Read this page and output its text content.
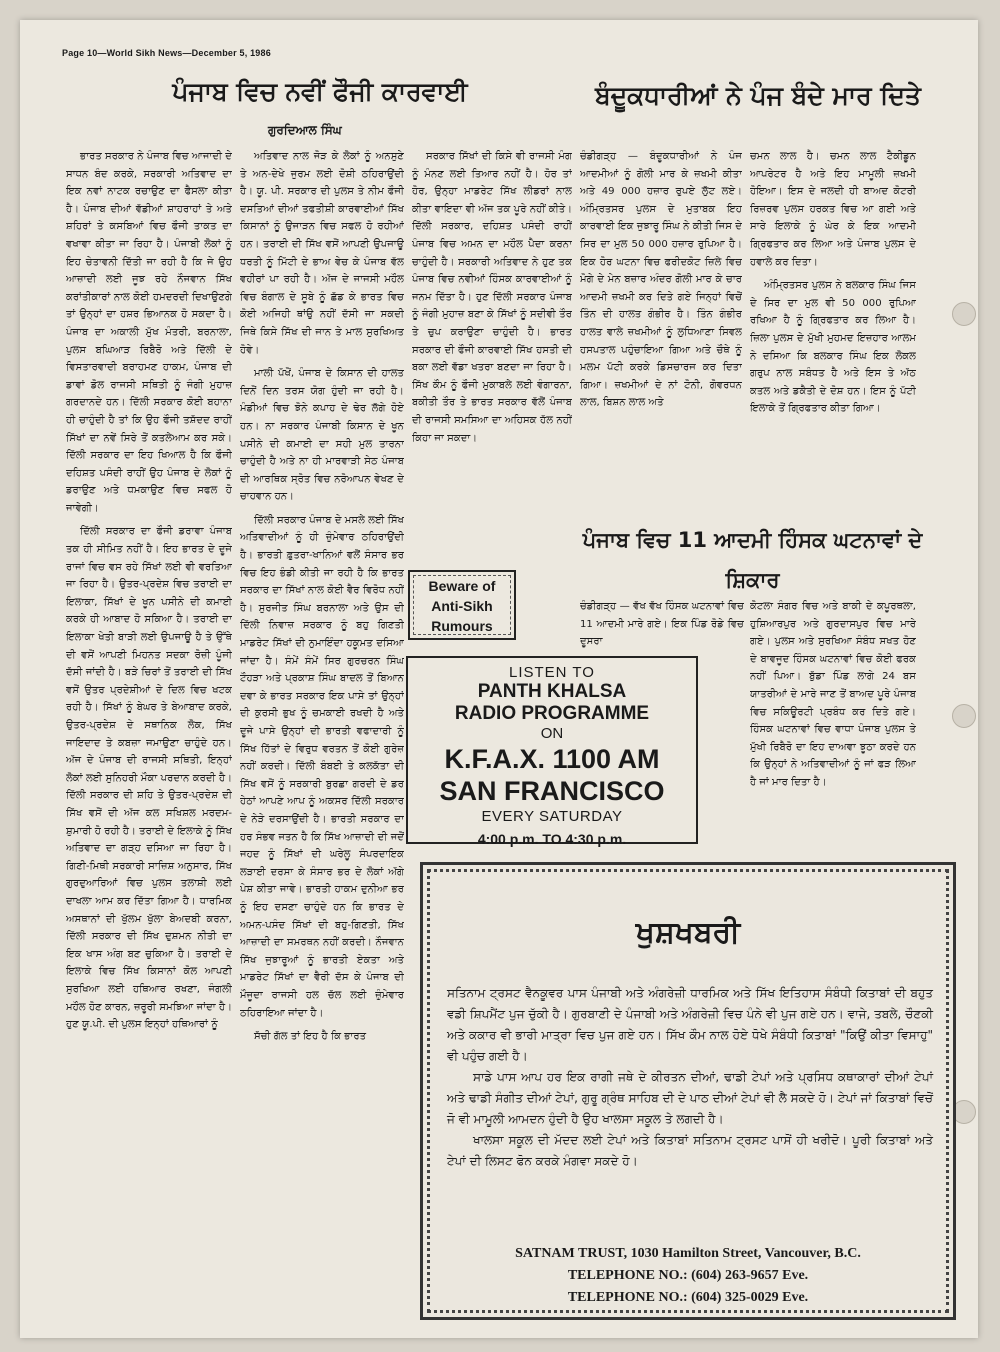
Page 10—World Sikh News—December 5, 1986
ਪੰਜਾਬ ਵਿਚ ਨਵੀਂ ਫੌਜੀ ਕਾਰਵਾਈ
ਗੁਰਦਿਆਲ ਸਿੰਘ

ਭਾਰਤ ਸਰਕਾਰ ਨੇ ਪੰਜਾਬ ਵਿਚ ਆਜਾਦੀ ਦੇ ਸਾਧਨ ਬੰਦ ਕਰਕੇ, ਸਰਕਾਰੀ ਅਤਿਵਾਦ ਦਾ ਇਕ ਨਵਾਂ ਨਾਟਕ ਰਚਾਉਣ ਦਾ ਫੈਸਲਾ ਕੀਤਾ ਹੈ। ਪੰਜਾਬ ਦੀਆਂ ਵੱਡੀਆਂ ਸ਼ਾਹਰਾਹਾਂ ਤੇ ਅਤੇ ਸ਼ਹਿਰਾਂ ਤੇ ਕਸਬਿਆਂ ਵਿਚ ਫੌਜੀ ਤਾਕਤ ਦਾ ਵਖਾਵਾ ਕੀਤਾ ਜਾ ਰਿਹਾ ਹੈ। ਪੰਜਾਬੀ ਲੋਕਾਂ ਨੂੰ ਇਹ ਚੇਤਾਵਨੀ ਦਿੱਤੀ ਜਾ ਰਹੀ ਹੈ ਕਿ ਜੇ ਉਹ ਆਜ਼ਾਦੀ ਲਈ ਜੂਝ ਰਹੇ ਨੌਜਵਾਨ ਸਿੱਖ ਕਰਾਂਤੀਕਾਰਾਂ ਨਾਲ ਕੋਈ ਹਮਦਰਦੀ ਦਿਖਾਉਣਗੇ ਤਾਂ ਉਨ੍ਹਾਂ ਦਾ ਹਸ਼ਰ ਭਿਆਨਕ ਹੋ ਸਕਦਾ ਹੈ। ਪੰਜਾਬ ਦਾ ਅਕਾਲੀ ਮੁੱਖ ਮੰਤਰੀ, ਬਰਨਾਲਾ, ਪੁਲਸ ਬਘਿਆੜ ਰਿਬੈਰੋ ਅਤੇ ਦਿੱਲੀ ਦੇ ਵਿਸਤਾਰਵਾਦੀ ਬਰਾਹਮਣ ਹਾਕਮ, ਪੰਜਾਬ ਦੀ ਡਾਵਾਂ ਡੋਲ ਰਾਜਸੀ ਸਥਿਤੀ ਨੂੰ ਜੰਗੀ ਮੁਹਾਜ਼ ਗਰਦਾਨਦੇ ਹਨ। ਦਿੱਲੀ ਸਰਕਾਰ ਕੋਈ ਬਹਾਨਾ ਹੀ ਚਾਹੁੰਦੀ ਹੈ ਤਾਂ ਕਿ ਉਹ ਫੌਜੀ ਤਸ਼ੱਦਦ ਰਾਹੀਂ ਸਿੱਖਾਂ ਦਾ ਨਵੇਂ ਸਿਰੇ ਤੋਂ ਕਤਲੇਆਮ ਕਰ ਸਕੇ। ਦਿੱਲੀ ਸਰਕਾਰ ਦਾ ਇਹ ਖਿਆਲ ਹੈ ਕਿ ਫੌਜੀ ਦਹਿਸ਼ਤ ਪਸੰਦੀ ਰਾਹੀਂ ਉਹ ਪੰਜਾਬ ਦੇ ਲੋਕਾਂ ਨੂੰ ਡਰਾਉਣ ਅਤੇ ਧਮਕਾਉਣ ਵਿਚ ਸਫਲ ਹੋ ਜਾਵੇਗੀ।

ਦਿੱਲੀ ਸਰਕਾਰ ਦਾ ਫੌਜੀ ਡਰਾਵਾ ਪੰਜਾਬ ਤਕ ਹੀ ਸੀਮਿਤ ਨਹੀਂ ਹੈ। ਇਹ ਭਾਰਤ ਦੇ ਦੂਜੇ ਰਾਜਾਂ ਵਿਚ ਵਸ ਰਹੇ ਸਿੱਖਾਂ ਲਈ ਵੀ ਵਰਤਿਆ ਜਾ ਰਿਹਾ ਹੈ। ਉਤਰ-ਪ੍ਰਦੇਸ਼ ਵਿਚ ਤਰਾਈ ਦਾ ਇਲਾਕਾ, ਸਿੱਖਾਂ ਦੇ ਖੂਨ ਪਸੀਨੇ ਦੀ ਕਮਾਈ ਕਰਕੇ ਹੀ ਆਬਾਦ ਹੋ ਸਕਿਆ ਹੈ। ਤਰਾਈ ਦਾ ਇਲਾਕਾ ਖੇਤੀ ਬਾੜੀ ਲਈ ਉਪਜਾਊ ਹੈ ਤੇ ਉੱਥੇ ਦੀ ਵਸੋਂ ਆਪਣੀ ਮਿਹਨਤ ਸਦਕਾ ਰੋਜ਼ੀ ਪੂੰਜੀ ਦੱਸੀ ਜਾਂਦੀ ਹੈ। ਬੜੇ ਚਿਰਾਂ ਤੋਂ ਤਰਾਈ ਦੀ ਸਿੱਖ ਵਸੋਂ ਉਤਰ ਪ੍ਰਦੇਸ਼ੀਆਂ ਦੇ ਦਿਲ ਵਿਚ ਖਟਕ ਰਹੀ ਹੈ। ਸਿੱਖਾਂ ਨੂੰ ਬੇਘਰ ਤੇ ਬੇਆਬਾਦ ਕਰਕੇ, ਉਤਰ-ਪ੍ਰਦੇਸ਼ ਦੇ ਸਥਾਨਿਕ ਲੋਕ, ਸਿੱਖ ਜਾਇਦਾਦ ਤੇ ਕਬਜ਼ਾ ਜਮਾਉਣਾ ਚਾਹੁੰਦੇ ਹਨ। ਅੱਜ ਦੇ ਪੰਜਾਬ ਦੀ ਰਾਜਸੀ ਸਥਿਤੀ, ਇਨ੍ਹਾਂ ਲੋਕਾਂ ਲਈ ਸੁਨਿਹਰੀ ਮੌਕਾ ਪਰਦਾਨ ਕਰਦੀ ਹੈ। ਦਿੱਲੀ ਸਰਕਾਰ ਦੀ ਸ਼ਹਿ ਤੇ ਉਤਰ-ਪ੍ਰਦੇਸ਼ ਦੀ ਸਿੱਖ ਵਸੋਂ ਦੀ ਅੱਜ ਕਲ ਸਖਿਸ਼ਲ ਮਰਦਮ-ਸ਼ੁਮਾਰੀ ਹੋ ਰਹੀ ਹੈ। ਤਰਾਈ ਦੇ ਇਲਾਕੇ ਨੂੰ ਸਿੱਖ ਅਤਿਵਾਦ ਦਾ ਗੜ੍ਹ ਦਸਿਆ ਜਾ ਰਿਹਾ ਹੈ। ਗਿਣੀ-ਮਿਥੀ ਸਰਕਾਰੀ ਸਾਜ਼ਿਸ਼ ਅਨੁਸਾਰ, ਸਿੱਖ ਗੁਰਦੁਆਰਿਆਂ ਵਿਚ ਪੁਲਸ ਤਲਾਸ਼ੀ ਲਈ ਦਾਖਲਾ ਆਮ ਕਰ ਦਿੱਤਾ ਗਿਆ ਹੈ। ਧਾਰਮਿਕ ਅਸਥਾਨਾਂ ਦੀ ਖੁੱਲਮ ਖੁੱਲਾ ਬੇਅਦਬੀ ਕਰਨਾ, ਦਿੱਲੀ ਸਰਕਾਰ ਦੀ ਸਿੱਖ ਦੁਸ਼ਮਨ ਨੀਤੀ ਦਾ ਇਕ ਖਾਸ ਅੰਗ ਬਣ ਚੁਕਿਆ ਹੈ। ਤਰਾਈ ਦੇ ਇਲਾਕੇ ਵਿਚ ਸਿੱਖ ਕਿਸਾਨਾਂ ਕੋਲ ਆਪਣੀ ਸੁਰਖਿਆ ਲਈ ਹਥਿਆਰ ਰਖਣਾ, ਜੰਗਲੀ ਮਹੌਲ ਹੋਣ ਕਾਰਨ, ਜ਼ਰੂਰੀ ਸਮਝਿਆ ਜਾਂਦਾ ਹੈ। ਹੁਣ ਯੂ.ਪੀ. ਦੀ ਪੁਲਸ ਇਨ੍ਹਾਂ ਹਥਿਆਰਾਂ ਨੂੰ

ਅਤਿਵਾਦ ਨਾਲ ਜੋੜ ਕੇ ਲੋਕਾਂ ਨੂੰ ਅਨਸੁਣੇ ਤੇ ਅਨ-ਦੇਖੇ ਜੁਰਮ ਲਈ ਦੋਸ਼ੀ ਠਹਿਰਾਉਂਦੀ ਹੈ। ਯੂ. ਪੀ. ਸਰਕਾਰ ਦੀ ਪੁਲਸ ਤੇ ਨੀਮ ਫੌਜੀ ਦਸਤਿਆਂ ਦੀਆਂ ਤਫਤੀਸ਼ੀ ਕਾਰਵਾਈਆਂ ਸਿੱਖ ਕਿਸਾਨਾਂ ਨੂੰ ਉਜਾੜਨ ਵਿਚ ਸਫਲ ਹੋ ਰਹੀਆਂ ਹਨ। ਤਰਾਈ ਦੀ ਸਿੱਖ ਵਸੋਂ ਆਪਣੀ ਉਪਜਾਊ ਧਰਤੀ ਨੂੰ ਮਿੱਟੀ ਦੇ ਭਾਅ ਵੇਚ ਕੇ ਪੰਜਾਬ ਵੱਲ ਵਹੀਰਾਂ ਪਾ ਰਹੀ ਹੈ। ਅੱਜ ਦੇ ਜਾਜਸੀ ਮਹੌਲ ਵਿਚ ਬੰਗਾਲ ਦੇ ਸੂਬੇ ਨੂੰ ਛੱਡ ਕੇ ਭਾਰਤ ਵਿਚ ਕੋਈ ਅਜਿਹੀ ਥਾਂਉ ਨਹੀਂ ਦੱਸੀ ਜਾ ਸਕਦੀ ਜਿਥੇ ਕਿਸੇ ਸਿੱਖ ਦੀ ਜਾਨ ਤੇ ਮਾਲ ਸੁਰਖਿਅਤ ਹੋਵੇ।

ਮਾਲੀ ਪੱਖੋਂ, ਪੰਜਾਬ ਦੇ ਕਿਸਾਨ ਦੀ ਹਾਲਤ ਦਿਨੋਂ ਦਿਨ ਤਰਸ ਯੋਗ ਹੁੰਦੀ ਜਾ ਰਹੀ ਹੈ। ਮੰਡੀਆਂ ਵਿਚ ਝੋਨੇ ਕਪਾਹ ਦੇ ਢੇਰ ਲੱਗੇ ਹੋਏ ਹਨ। ਨਾ ਸਰਕਾਰ ਪੰਜਾਬੀ ਕਿਸਾਨ ਦੇ ਖੂਨ ਪਸੀਨੇ ਦੀ ਕਮਾਈ ਦਾ ਸਹੀ ਮੁਲ ਤਾਰਨਾ ਚਾਹੁੰਦੀ ਹੈ ਅਤੇ ਨਾ ਹੀ ਮਾਰਵਾੜੀ ਸੇਠ ਪੰਜਾਬ ਦੀ ਆਰਥਿਕ ਸ੍ਰੋਤ ਵਿਚ ਨਰੋਆਪਨ ਵੇਖਣ ਦੇ ਚਾਹਵਾਨ ਹਨ।

ਦਿੱਲੀ ਸਰਕਾਰ ਪੰਜਾਬ ਦੇ ਮਸਲੇ ਲਈ ਸਿੱਖ ਅਤਿਵਾਦੀਆਂ ਨੂੰ ਹੀ ਜ਼ੁੰਮੇਵਾਰ ਠਹਿਰਾਉਂਦੀ ਹੈ। ਭਾਰਤੀ ਫ਼ੁਤਰਾ-ਖਾਨਿਆਂ ਵਲੋਂ ਸੰਸਾਰ ਭਰ ਵਿਚ ਇਹ ਭੰਡੀ ਕੀਤੀ ਜਾ ਰਹੀ ਹੈ ਕਿ ਭਾਰਤ ਸਰਕਾਰ ਦਾ ਸਿੱਖਾਂ ਨਾਲ ਕੋਈ ਵੈਰ ਵਿਰੋਧ ਨਹੀਂ ਹੈ। ਸੁਰਜੀਤ ਸਿੰਘ ਬਰਨਾਲਾ ਅਤੇ ਉਸ ਦੀ ਦਿੱਲੀ ਨਿਵਾਜ਼ ਸਰਕਾਰ ਨੂੰ ਬਹੁ ਗਿਣਤੀ ਮਾਡਰੇਟ ਸਿੱਖਾਂ ਦੀ ਨੁਮਾਇੰਦਾ ਹਕੂਮਤ ਦਸਿਆ ਜਾਂਦਾ ਹੈ। ਸੰਮੇਂ ਸੰਮੇਂ ਸਿਰ ਗੁਰਚਰਨ ਸਿੰਘ ਟੌਹੜਾ ਅਤੇ ਪ੍ਰਕਾਸ਼ ਸਿੰਘ ਬਾਦਲ ਤੋਂ ਬਿਆਨ ਦਵਾ ਕੇ ਭਾਰਤ ਸਰਕਾਰ ਇਕ ਪਾਸੇ ਤਾਂ ਉਨ੍ਹਾਂ ਦੀ ਕੁਰਸੀ ਭੁਖ ਨੂੰ ਚਮਕਾਈ ਰਖਦੀ ਹੈ ਅਤੇ ਦੂਜੇ ਪਾਸੇ ਉਨ੍ਹਾਂ ਦੀ ਭਾਰਤੀ ਵਫਾਦਾਰੀ ਨੂੰ ਸਿੱਖ ਹਿੱਤਾਂ ਦੇ ਵਿਰੁਧ ਵਰਤਨ ਤੋਂ ਕੋਈ ਗੁਰੇਜ਼ ਨਹੀਂ ਕਰਦੀ। ਦਿੱਲੀ ਬੰਬਈ ਤੇ ਕਲਕੱਤਾ ਦੀ ਸਿੱਖ ਵਸੋਂ ਨੂੰ ਸਰਕਾਰੀ ਬੁਰਛਾ ਗਰਦੀ ਦੇ ਡਰ ਹੇਠਾਂ ਆਪਣੇ ਆਪ ਨੂੰ ਅਕਸਰ ਦਿੱਲੀ ਸਰਕਾਰ ਦੇ ਨੇੜੇ ਦਰਸਾਉਂਦੀ ਹੈ। ਭਾਰਤੀ ਸਰਕਾਰ ਦਾ ਹਰ ਸੰਭਵ ਜਤਨ ਹੈ ਕਿ ਸਿੱਖ ਆਜ਼ਾਦੀ ਦੀ ਜਦੋਂ ਜਹਦ ਨੂੰ ਸਿੱਖਾਂ ਦੀ ਘਰੇਲੂ ਸੰਪਰਦਾਇਕ ਲੜਾਈ ਦਰਸਾ ਕੇ ਸੰਸਾਰ ਭਰ ਦੇ ਲੋਕਾਂ ਅੱਗੇ ਪੇਸ਼ ਕੀਤਾ ਜਾਵੇ। ਭਾਰਤੀ ਹਾਕਮ ਦੁਨੀਆ ਭਰ ਨੂੰ ਇਹ ਦਸਣਾ ਚਾਹੁੰਦੇ ਹਨ ਕਿ ਭਾਰਤ ਦੇ ਅਮਨ-ਪਸੰਦ ਸਿੱਖਾਂ ਦੀ ਬਹੁ-ਗਿਣਤੀ, ਸਿੱਖ ਆਜ਼ਾਦੀ ਦਾ ਸਮਰਥਨ ਨਹੀਂ ਕਰਦੀ। ਨੌਜਵਾਨ ਸਿੱਖ ਜੁਝਾਰੂਆਂ ਨੂੰ ਭਾਰਤੀ ਏਕਤਾ ਅਤੇ ਮਾਡਰੇਟ ਸਿੱਖਾਂ ਦਾ ਵੈਰੀ ਦੱਸ ਕੇ ਪੰਜਾਬ ਦੀ ਮੌਜੂਦਾ ਰਾਜਸੀ ਹਲ ਚੱਲ ਲਈ ਜ਼ੁੰਮੇਵਾਰ ਠਹਿਰਾਇਆ ਜਾਂਦਾ ਹੈ।

ਸੱਚੀ ਗੱਲ ਤਾਂ ਇਹ ਹੈ ਕਿ ਭਾਰਤ

ਸਰਕਾਰ ਸਿੱਖਾਂ ਦੀ ਕਿਸੇ ਵੀ ਰਾਜਸੀ ਮੰਗ ਨੂੰ ਮੰਨਣ ਲਈ ਤਿਆਰ ਨਹੀਂ ਹੈ। ਹੋਰ ਤਾਂ ਹੋਰ, ਉਨ੍ਹਾ ਮਾਡਰੇਟ ਸਿੱਖ ਲੀਡਰਾਂ ਨਾਲ ਕੀਤਾ ਵਾਇਦਾ ਵੀ ਅੱਜ ਤਕ ਪੂਰੇ ਨਹੀਂ ਕੀਤੇ। ਦਿੱਲੀ ਸਰਕਾਰ, ਦਹਿਸ਼ਤ ਪਸੰਦੀ ਰਾਹੀਂ ਪੰਜਾਬ ਵਿਚ ਅਮਨ ਦਾ ਮਹੌਲ ਪੈਦਾ ਕਰਨਾ ਚਾਹੁੰਦੀ ਹੈ। ਸਰਕਾਰੀ ਅਤਿਵਾਦ ਨੇ ਹੁਣ ਤਕ ਪੰਜਾਬ ਵਿਚ ਨਵੀਆਂ ਹਿੰਸਕ ਕਾਰਵਾਈਆਂ ਨੂੰ ਜਨਮ ਦਿੱਤਾ ਹੈ। ਹੁਣ ਦਿੱਲੀ ਸਰਕਾਰ ਪੰਜਾਬ ਨੂੰ ਜੰਗੀ ਮੁਹਾਜ਼ ਬਣਾ ਕੇ ਸਿੱਖਾਂ ਨੂੰ ਸਦੀਵੀ ਤੌਰ ਤੇ ਚੁਪ ਕਰਾਉਣਾ ਚਾਹੁੰਦੀ ਹੈ। ਭਾਰਤ ਸਰਕਾਰ ਦੀ ਫੌਜੀ ਕਾਰਵਾਈ ਸਿੱਖ ਹਸਤੀ ਦੀ ਬਕਾ ਲਈ ਵੱਡਾ ਖਤਰਾ ਬਣਦਾ ਜਾ ਰਿਹਾ ਹੈ। ਸਿੱਖ ਕੌਮ ਨੂੰ ਫੌਜੀ ਮੁਕਾਬਲੇ ਲਈ ਵੰਗਾਰਨਾ, ਬਕੀਤੀ ਤੌਰ ਤੇ ਭਾਰਤ ਸਰਕਾਰ ਵੱਲੋਂ ਪੰਜਾਬ ਦੀ ਰਾਜਸੀ ਸਮਸਿਆ ਦਾ ਅਹਿਸਕ ਹੱਲ ਨਹੀਂ ਕਿਹਾ ਜਾ ਸਕਦਾ।

ਬੰਦੂਕਧਾਰੀਆਂ ਨੇ ਪੰਜ ਬੰਦੇ ਮਾਰ ਦਿਤੇ

ਚੰਡੀਗੜ੍ਹ — ਬੰਦੂਕਧਾਰੀਆਂ ਨੇ ਪੰਜ ਆਦਮੀਆਂ ਨੂੰ ਗੋਲੀ ਮਾਰ ਕੇ ਜ਼ਖਮੀ ਕੀਤਾ ਅਤੇ 49 000 ਹਜ਼ਾਰ ਰੁਪਏ ਲੁੱਟ ਲਏ। ਅੰਮ੍ਰਿਤਸਰ ਪੁਲਸ ਦੇ ਮੁਤਾਬਕ ਇਹ ਕਾਰਵਾਈ ਇਕ ਜੁਝਾਰੂ ਸਿੰਘ ਨੇ ਕੀਤੀ ਜਿਸ ਦੇ ਸਿਰ ਦਾ ਮੁਲ 50 000 ਹਜ਼ਾਰ ਰੁਪਿਆ ਹੈ। ਇਕ ਹੋਰ ਘਟਨਾ ਵਿਚ ਫਰੀਦਕੋਟ ਜ਼ਿਲੇ ਵਿਚ ਮੋਗੇ ਦੇ ਮੇਨ ਬਜ਼ਾਰ ਅੰਦਰ ਗੋਲੀ ਮਾਰ ਕੇ ਚਾਰ ਆਦਮੀ ਜ਼ਖਮੀ ਕਰ ਦਿਤੇ ਗਏ ਜਿਨ੍ਹਾਂ ਵਿਚੋਂ ਤਿੰਨ ਦੀ ਹਾਲਤ ਗੰਭੀਰ ਹੈ। ਤਿੰਨ ਗੰਭੀਰ ਹਾਲਤ ਵਾਲੇ ਜ਼ਖਮੀਆਂ ਨੂੰ ਲੁਧਿਆਣਾ ਸਿਵਲ ਹਸਪਤਾਲ ਪਹੁੰਚਾਇਆ ਗਿਆ ਅਤੇ ਚੌਥੇ ਨੂੰ ਮਲਮ ਪੱਟੀ ਕਰਕੇ ਡਿਸਚਾਰਜ ਕਰ ਦਿਤਾ ਗਿਆ। ਜ਼ਖਮੀਆਂ ਦੇ ਨਾਂ ਟੋਨੀ, ਗੋਵਰਧਨ ਲਾਲ, ਬਿਸ਼ਨ ਲਾਲ ਅਤੇ

ਚਮਨ ਲਾਲ ਹੈ। ਚਮਨ ਲਾਲ ਟੈਕੀਡੂਨ ਆਪਰੇਟਰ ਹੈ ਅਤੇ ਇਹ ਮਾਮੂਲੀ ਜ਼ਖਮੀ ਹੋਇਆ। ਇਸ ਦੇ ਜਲਦੀ ਹੀ ਬਾਅਦ ਕੋਟਰੀ ਰਿਜ਼ਰਵ ਪੁਲਸ ਹਰਕਤ ਵਿਚ ਆ ਗਈ ਅਤੇ ਸਾਰੇ ਇਲਾਕੇ ਨੂੰ ਘੇਰ ਕੇ ਇਕ ਆਦਮੀ ਗ੍ਰਿਫਤਾਰ ਕਰ ਲਿਆ ਅਤੇ ਪੰਜਾਬ ਪੁਲਸ ਦੇ ਹਵਾਲੇ ਕਰ ਦਿਤਾ।

ਅੰਮ੍ਰਿਤਸਰ ਪੁਲਸ ਨੇ ਬਲਕਾਰ ਸਿੰਘ ਜਿਸ ਦੇ ਸਿਰ ਦਾ ਮੁਲ ਵੀ 50 000 ਰੁਪਿਆ ਰਖਿਆ ਹੈ ਨੂੰ ਗ੍ਰਿਫਤਾਰ ਕਰ ਲਿਆ ਹੈ। ਜ਼ਿਲਾ ਪੁਲਸ ਦੇ ਮੁੱਖੀ ਮੁਹਮਦ ਇਜ਼ਹਾਰ ਆਲਮ ਨੇ ਦਸਿਆ ਕਿ ਬਲਕਾਰ ਸਿੰਘ ਇਕ ਲੋਕਲ ਗਰੁਪ ਨਾਲ ਸਬੰਧਤ ਹੈ ਅਤੇ ਇਸ ਤੇ ਅੱਠ ਕਤਲ ਅਤੇ ਡਕੈਤੀ ਦੇ ਦੋਸ਼ ਹਨ। ਇਸ ਨੂੰ ਪੱਟੀ ਇਲਾਕੇ ਤੋਂ ਗ੍ਰਿਫਤਾਰ ਕੀਤਾ ਗਿਆ।

ਪੰਜਾਬ ਵਿਚ 11 ਆਦਮੀ ਹਿੰਸਕ ਘਟਨਾਵਾਂ ਦੇ ਸ਼ਿਕਾਰ

ਚੰਡੀਗੜ੍ਹ — ਵੱਖ ਵੱਖ ਹਿੰਸਕ ਘਟਨਾਵਾਂ ਵਿਚ 11 ਆਦਮੀ ਮਾਰੇ ਗਏ। ਇਕ ਪਿੰਡ ਰੋਡੇ ਵਿਚ ਦੂਸਰਾ

ਕੋਟਲਾ ਸੰਗਰ ਵਿਚ ਅਤੇ ਬਾਕੀ ਦੇ ਕਪੂਰਥਲਾ, ਹੁਸ਼ਿਆਰਪੁਰ ਅਤੇ ਗੁਰਦਾਸਪੁਰ ਵਿਚ ਮਾਰੇ ਗਏ। ਪੁਲਸ ਅਤੇ ਸੁਰਖਿਆ ਸੰਬੰਧ ਸਖਤ ਹੋਣ ਦੇ ਬਾਵਜੂਦ ਹਿੰਸਕ ਘਟਨਾਵਾਂ ਵਿਚ ਕੋਈ ਫਰਕ ਨਹੀਂ ਪਿਆ। ਬੁੱਡਾ ਪਿੰਡ ਲਾਗੇ 24 ਬਸ ਯਾਤਰੀਆਂ ਦੇ ਮਾਰੇ ਜਾਣ ਤੋਂ ਬਾਅਦ ਪੂਰੇ ਪੰਜਾਬ ਵਿਚ ਸਕਿਊਰਟੀ ਪ੍ਰਬੰਧ ਕਰ ਦਿਤੇ ਗਏ। ਹਿੰਸਕ ਘਟਨਾਵਾਂ ਵਿਚ ਵਾਧਾ ਪੰਜਾਬ ਪੁਲਸ ਤੇ ਮੁੱਖੀ ਰਿਬੈਰੋ ਦਾ ਇਹ ਦਾਅਵਾ ਝੂਠਾ ਕਰਦੇ ਹਨ ਕਿ ਉਨ੍ਹਾਂ ਨੇ ਅਤਿਵਾਦੀਆਂ ਨੂੰ ਜਾਂ ਫੜ ਲਿਆ ਹੈ ਜਾਂ ਮਾਰ ਦਿਤਾ ਹੈ।

Beware of
Anti-Sikh
Rumours
LISTEN TO
PANTH KHALSA
RADIO PROGRAMME
ON
K.F.A.X. 1100 AM
SAN FRANCISCO
EVERY SATURDAY
4:00 p.m. TO 4:30 p.m.
ਖੁਸ਼ਖਬਰੀ

ਸਤਿਨਾਮ ਟ੍ਰਸਟ ਵੈਨਕੂਵਰ ਪਾਸ ਪੰਜਾਬੀ ਅਤੇ ਅੰਗਰੇਜ਼ੀ ਧਾਰਮਿਕ ਅਤੇ ਸਿੱਖ ਇਤਿਹਾਸ ਸੰਬੰਧੀ ਕਿਤਾਬਾਂ ਦੀ ਬਹੁਤ ਵਡੀ ਸ਼ਿਪਮੈਂਟ ਪੁਜ ਚੁੱਕੀ ਹੈ। ਗੁਰਬਾਣੀ ਦੇ ਪੰਜਾਬੀ ਅਤੇ ਅੰਗਰੇਜ਼ੀ ਵਿਚ ਪੰਨੇ ਵੀ ਪੁਜ ਗਏ ਹਨ। ਵਾਜੇ, ਤਬਲੇ, ਚੌਣਕੀ ਅਤੇ ਕਕਾਰ ਵੀ ਭਾਰੀ ਮਾਤ੍ਰਾ ਵਿਚ ਪੁਜ ਗਏ ਹਨ। ਸਿੱਖ ਕੌਮ ਨਾਲ ਹੋਏ ਧੋਖੇ ਸੰਬੰਧੀ ਕਿਤਾਬਾਂ "ਕਿਉਂ ਕੀਤਾ ਵਿਸਾਹੁ" ਵੀ ਪਹੁੰਚ ਗਈ ਹੈ।

ਸਾਡੇ ਪਾਸ ਆਪ ਹਰ ਇਕ ਰਾਗੀ ਜਥੇ ਦੇ ਕੀਰਤਨ ਦੀਆਂ, ਢਾਡੀ ਟੇਪਾਂ ਅਤੇ ਪ੍ਰਸਿਧ ਕਥਾਕਾਰਾਂ ਦੀਆਂ ਟੇਪਾਂ ਅਤੇ ਢਾਡੀ ਸੰਗੀਤ ਦੀਆਂ ਟੇਪਾਂ, ਗੁਰੂ ਗ੍ਰੰਥ ਸਾਹਿਬ ਦੀ ਦੇ ਪਾਠ ਦੀਆਂ ਟੇਪਾਂ ਵੀ ਲੈ ਸਕਦੇ ਹੋ। ਟੇਪਾਂ ਜਾਂ ਕਿਤਾਬਾਂ ਵਿਚੋਂ ਜੋ ਵੀ ਮਾਮੂਲੀ ਆਮਦਨ ਹੁੰਦੀ ਹੈ ਉਹ ਖਾਲਸਾ ਸਕੂਲ ਤੇ ਲਗਦੀ ਹੈ।

ਖਾਲਸਾ ਸਕੂਲ ਦੀ ਮੱਦਦ ਲਈ ਟੇਪਾਂ ਅਤੇ ਕਿਤਾਬਾਂ ਸਤਿਨਾਮ ਟ੍ਰਸਟ ਪਾਸੋਂ ਹੀ ਖਰੀਦੋ। ਪੂਰੀ ਕਿਤਾਬਾਂ ਅਤੇ ਟੇਪਾਂ ਦੀ ਲਿਸਟ ਫੋਨ ਕਰਕੇ ਮੰਗਵਾ ਸਕਦੇ ਹੋ।

SATNAM TRUST, 1030 Hamilton Street, Vancouver, B.C.
TELEPHONE NO.: (604) 263-9657 Eve.
TELEPHONE NO.: (604) 325-0029 Eve.
